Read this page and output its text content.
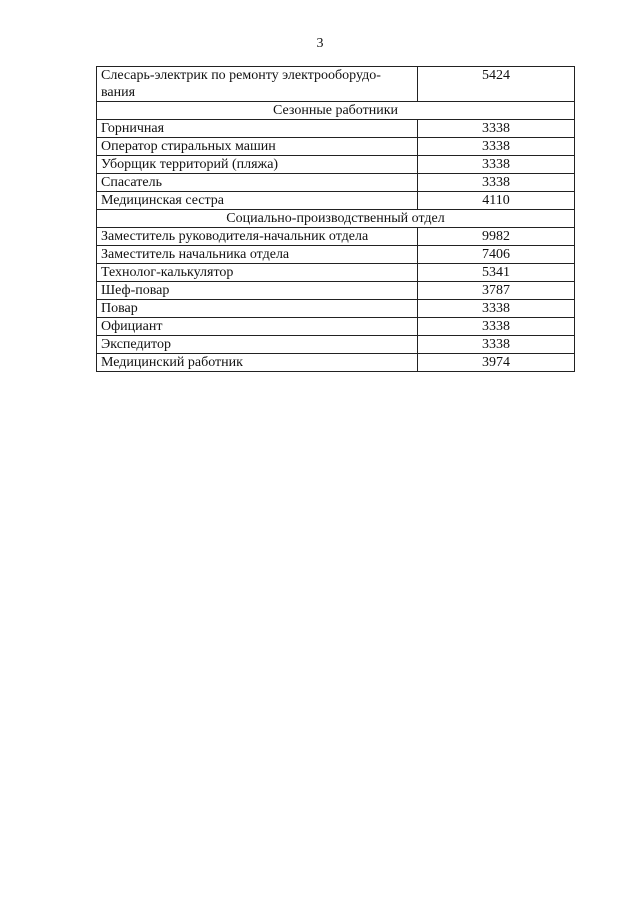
3
Слесарь-электрик по ремонту электрооборудо-
вания	5424
Сезонные работники	
Горничная	3338
Оператор стиральных машин	3338
Уборщик территорий (пляжа)	3338
Спасатель	3338
Медицинская сестра	4110
Социально-производственный отдел	
Заместитель руководителя-начальник отдела	9982
Заместитель начальника отдела	7406
Технолог-калькулятор	5341
Шеф-повар	3787
Повар	3338
Официант	3338
Экспедитор	3338
Медицинский работник	3974
